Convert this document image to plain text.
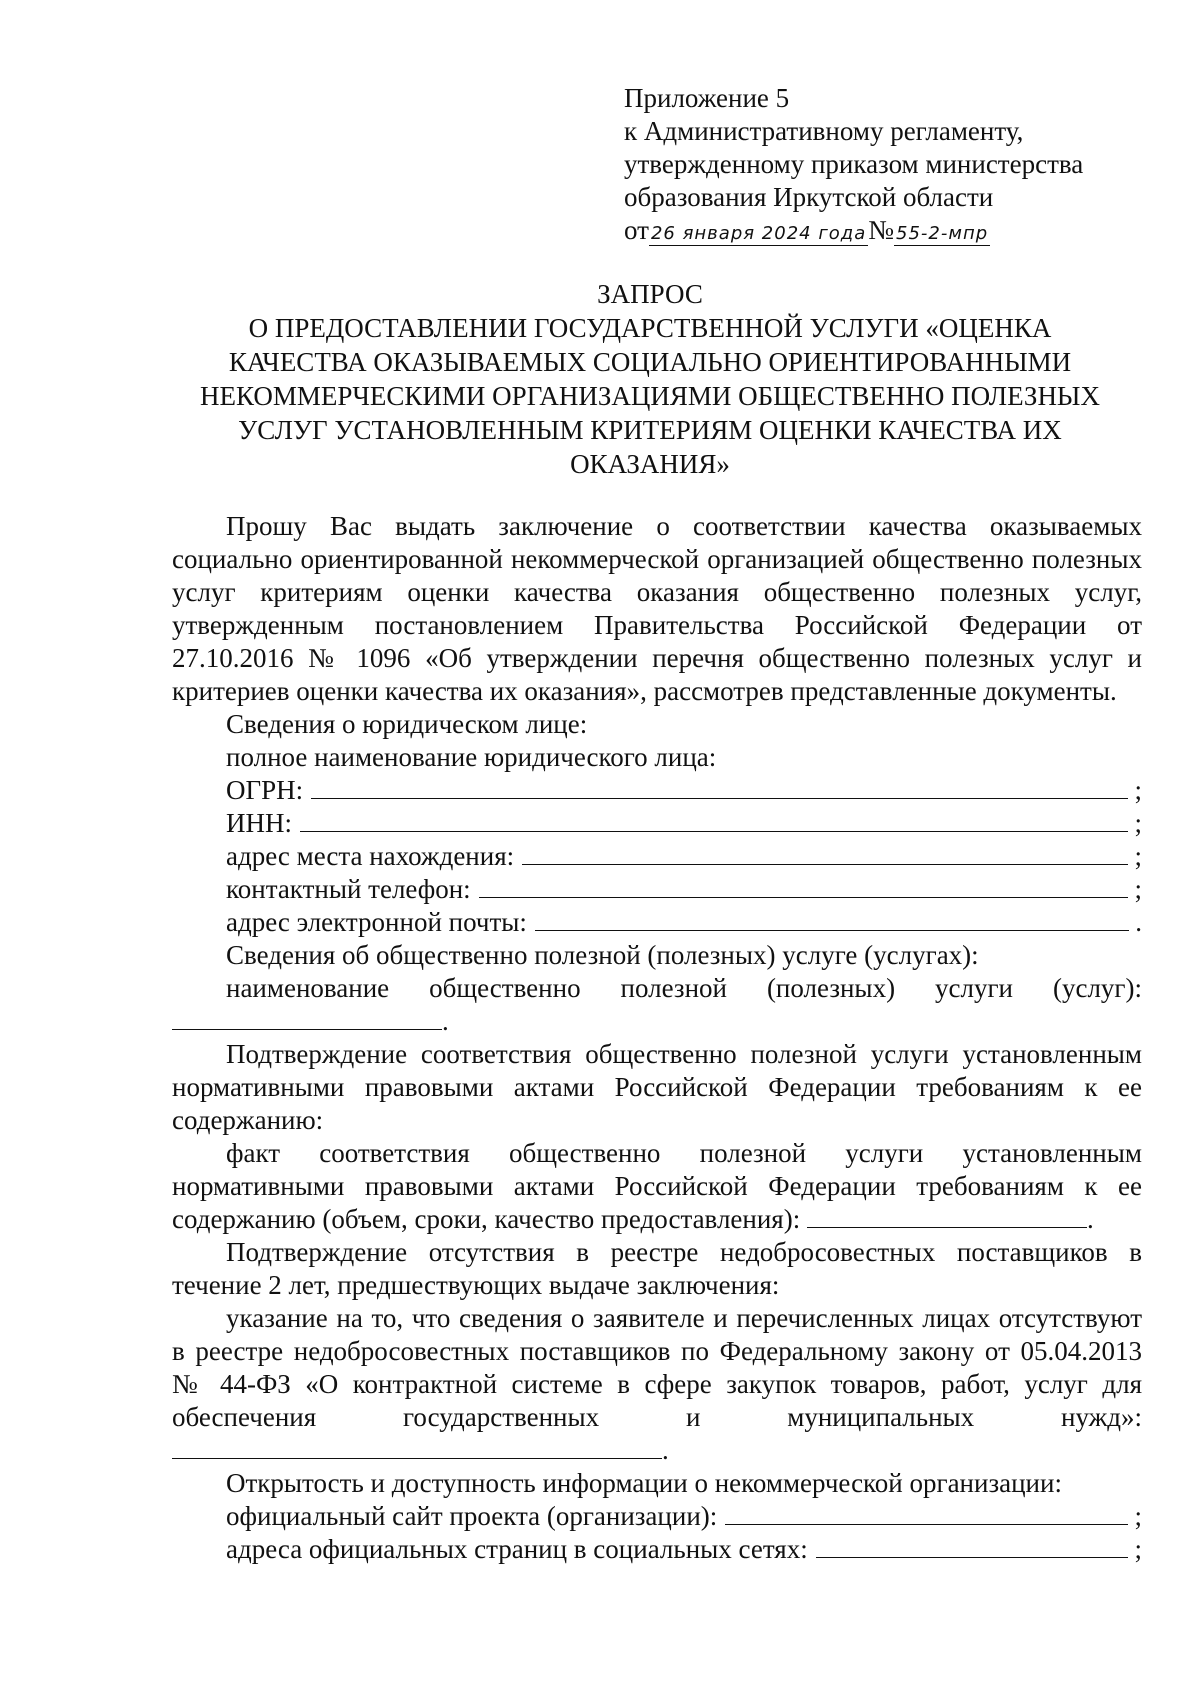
Приложение 5
к Административному регламенту,
утвержденному приказом министерства
образования Иркутской области
от 26 января 2024 года№ 55-2-мпр
ЗАПРОС
О ПРЕДОСТАВЛЕНИИ ГОСУДАРСТВЕННОЙ УСЛУГИ «ОЦЕНКА
КАЧЕСТВА ОКАЗЫВАЕМЫХ СОЦИАЛЬНО ОРИЕНТИРОВАННЫМИ
НЕКОММЕРЧЕСКИМИ ОРГАНИЗАЦИЯМИ ОБЩЕСТВЕННО ПОЛЕЗНЫХ
УСЛУГ УСТАНОВЛЕННЫМ КРИТЕРИЯМ ОЦЕНКИ КАЧЕСТВА ИХ
ОКАЗАНИЯ»

Прошу Вас выдать заключение о соответствии качества оказываемых социально ориентированной некоммерческой организацией общественно полезных услуг критериям оценки качества оказания общественно полезных услуг, утвержденным постановлением Правительства Российской Федерации от 27.10.2016 № 1096 «Об утверждении перечня общественно полезных услуг и критериев оценки качества их оказания», рассмотрев представленные документы.

Сведения о юридическом лице:
полное наименование юридического лица:
ОГРН:	;
ИНН:	;
адрес места нахождения:	;
контактный телефон:	;
адрес электронной почты:	.
Сведения об общественно полезной (полезных) услуге (услугах):

наименование общественно полезной (полезных) услуги (услуг): .

Подтверждение соответствия общественно полезной услуги установленным нормативными правовыми актами Российской Федерации требованиям к ее содержанию:

факт соответствия общественно полезной услуги установленным нормативными правовыми актами Российской Федерации требованиям к ее содержанию (объем, сроки, качество предоставления):	.

Подтверждение отсутствия в реестре недобросовестных поставщиков в течение 2 лет, предшествующих выдаче заключения:

указание на то, что сведения о заявителе и перечисленных лицах отсутствуют в реестре недобросовестных поставщиков по Федеральному закону от 05.04.2013 № 44-ФЗ «О контрактной системе в сфере закупок товаров, работ, услуг для обеспечения государственных и муниципальных нужд»: .

Открытость и доступность информации о некоммерческой организации:
официальный сайт проекта (организации):	;
адреса официальных страниц в социальных сетях:	;
